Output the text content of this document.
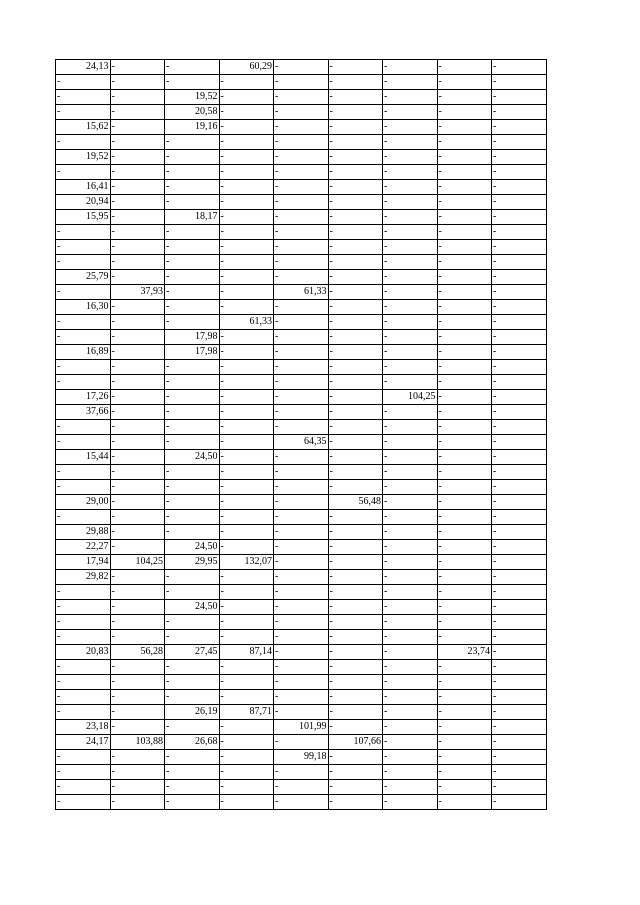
24,13	-	-	60,29	-	-	-	-	-
-	-	-	-	-	-	-	-	-
-	-	19,52	-	-	-	-	-	-
-	-	20,58	-	-	-	-	-	-
15,62	-	19,16	-	-	-	-	-	-
-	-	-	-	-	-	-	-	-
19,52	-	-	-	-	-	-	-	-
-	-	-	-	-	-	-	-	-
16,41	-	-	-	-	-	-	-	-
20,94	-	-	-	-	-	-	-	-
15,95	-	18,17	-	-	-	-	-	-
-	-	-	-	-	-	-	-	-
-	-	-	-	-	-	-	-	-
-	-	-	-	-	-	-	-	-
25,79	-	-	-	-	-	-	-	-
-	37,93	-	-	61,33	-	-	-	-
16,30	-	-	-	-	-	-	-	-
-	-	-	61,33	-	-	-	-	-
-	-	17,98	-	-	-	-	-	-
16,89	-	17,98	-	-	-	-	-	-
-	-	-	-	-	-	-	-	-
-	-	-	-	-	-	-	-	-
17,26	-	-	-	-	-	104,25	-	-
37,66	-	-	-	-	-	-	-	-
-	-	-	-	-	-	-	-	-
-	-	-	-	64,35	-	-	-	-
15,44	-	24,50	-	-	-	-	-	-
-	-	-	-	-	-	-	-	-
-	-	-	-	-	-	-	-	-
29,00	-	-	-	-	56,48	-	-	-
-	-	-	-	-	-	-	-	-
29,88	-	-	-	-	-	-	-	-
22,27	-	24,50	-	-	-	-	-	-
17,94	104,25	29,95	132,07	-	-	-	-	-
29,82	-	-	-	-	-	-	-	-
-	-	-	-	-	-	-	-	-
-	-	24,50	-	-	-	-	-	-
-	-	-	-	-	-	-	-	-
-	-	-	-	-	-	-	-	-
20,83	56,28	27,45	87,14	-	-	-	23,74	-
-	-	-	-	-	-	-	-	-
-	-	-	-	-	-	-	-	-
-	-	-	-	-	-	-	-	-
-	-	26,19	87,71	-	-	-	-	-
23,18	-	-	-	101,99	-	-	-	-
24,17	103,88	26,68	-	-	107,66	-	-	-
-	-	-	-	99,18	-	-	-	-
-	-	-	-	-	-	-	-	-
-	-	-	-	-	-	-	-	-
-	-	-	-	-	-	-	-	-
